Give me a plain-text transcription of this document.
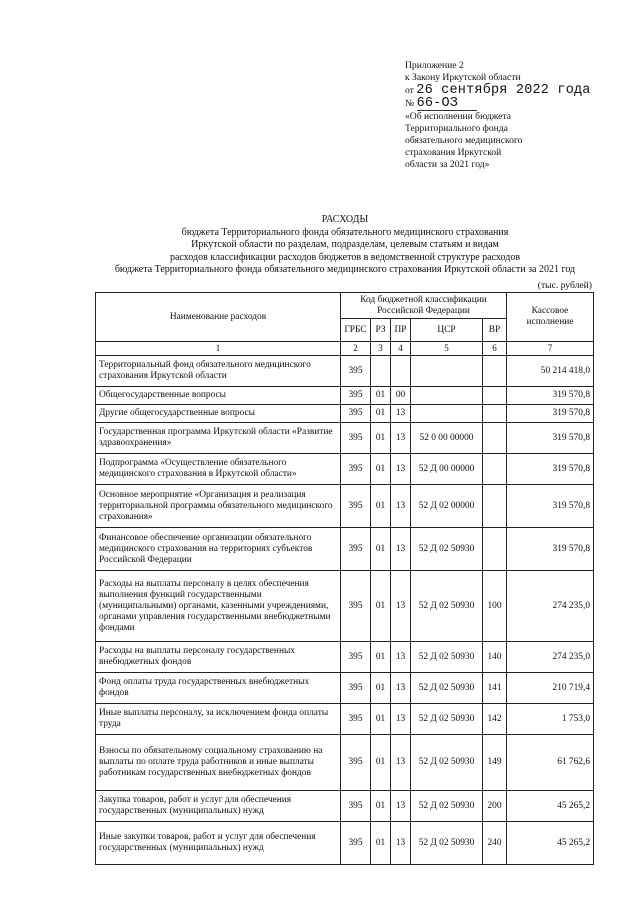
Приложение 2
к Закону Иркутской области
от 26 сентября 2022 года
№ 66-ОЗ
«Об исполнении бюджета
Территориального фонда
обязательного медицинского
страхования Иркутской
области за 2021 год»
РАСХОДЫ
бюджета Территориального фонда обязательного медицинского страхования
Иркутской области по разделам, подразделам, целевым статьям и видам
расходов классификации расходов бюджетов в ведомственной структуре расходов
бюджета Территориального фонда обязательного медицинского страхования Иркутской области за 2021 год
(тыс. рублей)
Наименование расходов	Код бюджетной классификации Российской Федерации					Кассовое исполнение
	ГРБС	РЗ	ПР	ЦСР	ВР	
1	2	3	4	5	6	7
Территориальный фонд обязательного медицинского страхования Иркутской области	395					50 214 418,0
Общегосударственные вопросы	395	01	00			319 570,8
Другие общегосударственные вопросы	395	01	13			319 570,8
Государственная программа Иркутской области «Развитие здравоохранения»	395	01	13	52 0 00 00000		319 570,8
Подпрограмма «Осуществление обязательного медицинского страхования в Иркутской области»	395	01	13	52 Д 00 00000		319 570,8
Основное мероприятие «Организация и реализация территориальной программы обязательного медицинского страхования»	395	01	13	52 Д 02 00000		319 570,8
Финансовое обеспечение организации обязательного медицинского страхования на территориях субъектов Российской Федерации	395	01	13	52 Д 02 50930		319 570,8
Расходы на выплаты персоналу в целях обеспечения выполнения функций государственными (муниципальными) органами, казенными учреждениями, органами управления государственными внебюджетными фондами	395	01	13	52 Д 02 50930	100	274 235,0
Расходы на выплаты персоналу государственных внебюджетных фондов	395	01	13	52 Д 02 50930	140	274 235,0
Фонд оплаты труда государственных внебюджетных фондов	395	01	13	52 Д 02 50930	141	210 719,4
Иные выплаты персоналу, за исключением фонда оплаты труда	395	01	13	52 Д 02 50930	142	1 753,0
Взносы по обязательному социальному страхованию на выплаты по оплате труда работников и иные выплаты работникам государственных внебюджетных фондов	395	01	13	52 Д 02 50930	149	61 762,6
Закупка товаров, работ и услуг для обеспечения государственных (муниципальных) нужд	395	01	13	52 Д 02 50930	200	45 265,2
Иные закупки товаров, работ и услуг для обеспечения государственных (муниципальных) нужд	395	01	13	52 Д 02 50930	240	45 265,2
